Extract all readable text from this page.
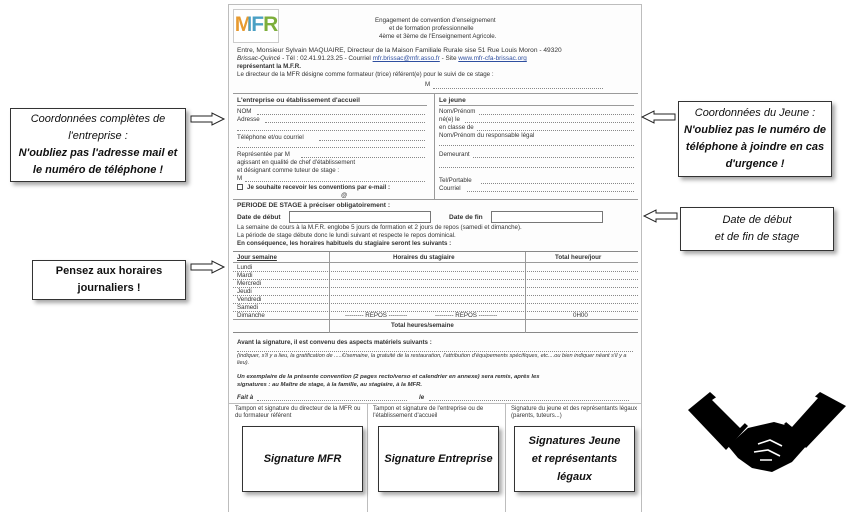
MFR	Engagement de convention d'enseignement
et de formation professionnelle
4ème et 3ème de l'Enseignement Agricole.
Entre, Monsieur Sylvain MAQUAIRE, Directeur de la Maison Familiale Rurale sise 51 Rue Louis Moron - 49320
Brissac-Quincé - Tél : 02.41.91.23.25 - Courriel mfr.brissac@mfr.asso.fr - Site www.mfr-cfa-brissac.org
représentant la M.F.R.
Le directeur de la MFR désigne comme formateur (trice) référent(e) pour le suivi de ce stage :
M
L'entreprise ou établissement d'accueil	Le jeune
NOM
Adresse
Téléphone et/ou courriel
Représentée par M
agissant en qualité de chef d'établissement
et désignant comme tuteur de stage :
M
Je souhaite recevoir les conventions par e-mail :
@
Nom/Prénom
né(e) le
en classe de
Nom/Prénom du responsable légal
Demeurant
Tel/Portable
Courriel
PERIODE DE STAGE à préciser obligatoirement :
Date de début	Date de fin
La semaine de cours à la M.F.R. englobe 5 jours de formation et 2 jours de repos (samedi et dimanche).
La période de stage débute donc le lundi suivant et respecte le repos dominical.
En conséquence, les horaires habituels du stagiaire seront les suivants :
Jour semaine	Horaires du stagiaire	Total heure/jour
Lundi
Mardi
Mercredi
Jeudi
Vendredi
Samedi
Dimanche	--------- REPOS ---------	--------- REPOS ---------	0H00
Total heures/semaine
Avant la signature, il est convenu des aspects matériels suivants :
(indiquer, s'il y a lieu, la gratification de .....€/semaine, la gratuité de la restauration, l'attribution d'équipements spécifiques, etc....ou bien indiquer néant s'il y a lieu).
Un exemplaire de la présente convention (2 pages recto/verso et calendrier en annexe) sera remis, après les
signatures : au Maître de stage, à la famille, au stagiaire, à la MFR.
Fait à	le
Tampon et signature du directeur de la MFR ou du formateur référent
Tampon et signature de l'entreprise ou de l'établissement d'accueil
Signature du jeune et des représentants légaux (parents, tuteurs...)
Signature MFR	Signature Entreprise
Signatures Jeune et représentants légaux
Coordonnées complètes de
l'entreprise :
N'oubliez pas l'adresse mail et
le numéro de téléphone !
Coordonnées du Jeune :
N'oubliez pas le numéro de
téléphone à joindre en cas
d'urgence !
Date de début
et de fin de stage
Pensez aux horaires
journaliers !
